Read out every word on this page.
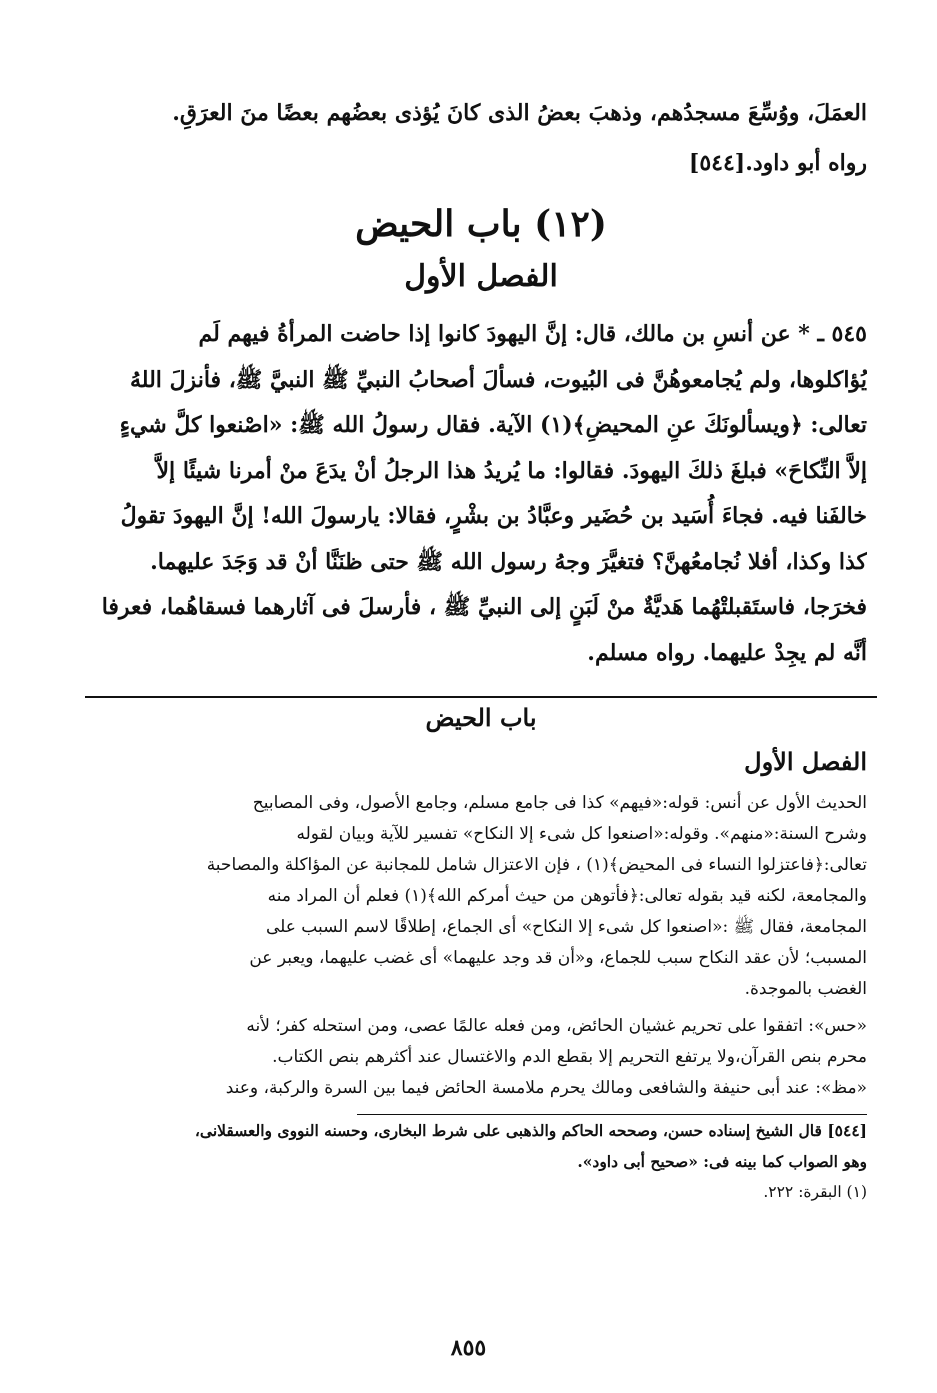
العمَلَ، ووُسِّعَ مسجدُهم، وذهبَ بعضُ الذى كانَ يُؤذى بعضُهم بعضًا منَ العرَقِ.

رواه أبو داود.[٥٤٤]

(١٢) باب الحيض
الفصل الأول

٥٤٥ ـ * عن أنسِ بن مالك، قال: إنَّ اليهودَ كانوا إذا حاضت المرأةُ فيهم لَم

يُؤاكلوها، ولم يُجامعوهُنَّ فى البُيوت، فسألَ أصحابُ النبيِّ ﷺ النبيَّ ﷺ، فأنزلَ اللهُ

تعالى: ﴿ويسألونَكَ عنِ المحيضِ﴾(١) الآية. فقال رسولُ الله ﷺ: «اصْنعوا كلَّ شيءٍ

إلاَّ النِّكاحَ» فبلغَ ذلكَ اليهودَ. فقالوا: ما يُريدُ هذا الرجلُ أنْ يدَعَ منْ أمرنا شيئًا إلاَّ

خالفَنا فيه. فجاءَ أُسَيد بن حُضَير وعبَّادُ بن بشْرٍ، فقالا: يارسولَ الله! إنَّ اليهودَ تقولُ

كذا وكذا، أفلا نُجامعُهنَّ؟ فتغيَّرَ وجهُ رسول الله ﷺ حتى ظنَنَّا أنْ قد وَجَدَ عليهما.

فخرَجا، فاستَقبلتْهُما هَديَّةٌ منْ لَبَنٍ إلى النبيِّ ﷺ ، فأرسلَ فى آثارهما فسقاهُما، فعرفا

أنَّه لم يجِدْ عليهما. رواه مسلم.

باب الحيض
الفصل الأول

الحديث الأول عن أنس: قوله:«فيهم» كذا فى جامع مسلم، وجامع الأصول، وفى المصابيح

وشرح السنة:«منهم». وقوله:«اصنعوا كل شىء إلا النكاح» تفسير للآية وبيان لقوله

تعالى:﴿فاعتزلوا النساء فى المحيض﴾(١) ، فإن الاعتزال شامل للمجانبة عن المؤاكلة والمصاحبة

والمجامعة، لكنه قيد بقوله تعالى:﴿فأتوهن من حيث أمركم الله﴾(١) فعلم أن المراد منه

المجامعة، فقال ﷺ :«اصنعوا كل شىء إلا النكاح» أى الجماع، إطلاقًا لاسم السبب على

المسبب؛ لأن عقد النكاح سبب للجماع، و«أن قد وجد عليهما» أى غضب عليهما، ويعبر عن

الغضب بالموجدة.

«حس»: اتفقوا على تحريم غشيان الحائض، ومن فعله عالمًا عصى، ومن استحله كفر؛ لأنه

محرم بنص القرآن،ولا يرتفع التحريم إلا بقطع الدم والاغتسال عند أكثرهم بنص الكتاب.

«مظ»: عند أبى حنيفة والشافعى ومالك يحرم ملامسة الحائض فيما بين السرة والركبة، وعند

[٥٤٤] قال الشيخ إسناده حسن، وصححه الحاكم والذهبى على شرط البخارى، وحسنه النووى والعسقلانى،

وهو الصواب كما بينه فى: «صحيح أبى داود».

(١) البقرة: ٢٢٢.

٨٥٥
